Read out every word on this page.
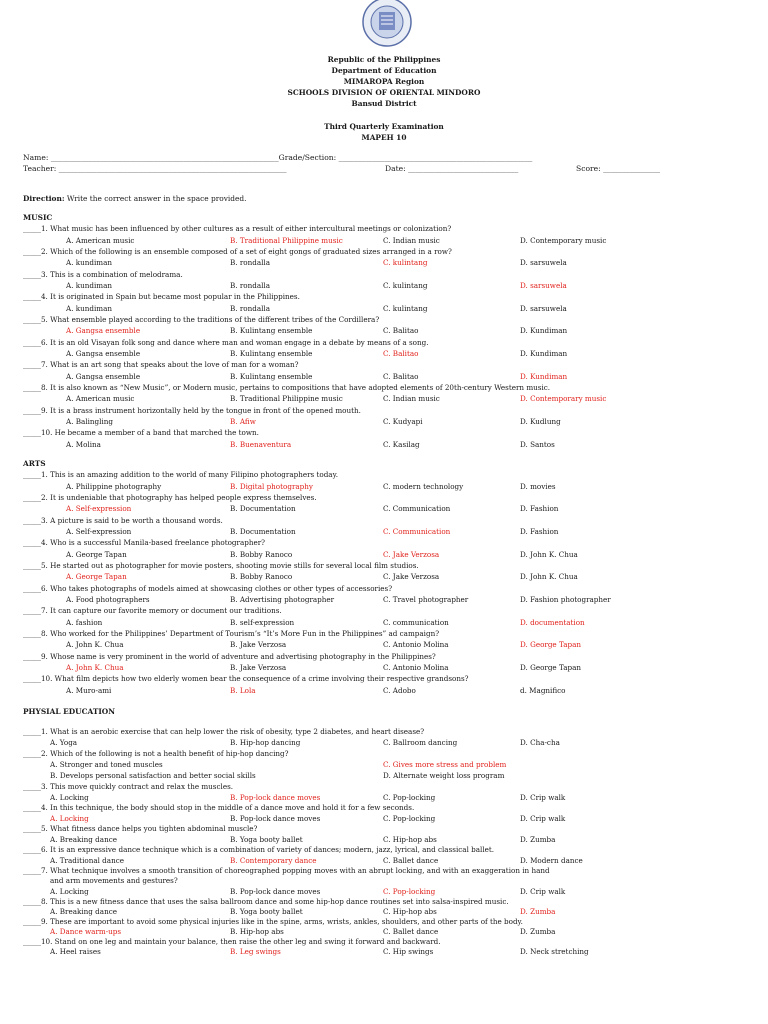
Republic of the Philippines
Department of Education
MIMAROPA Region
SCHOOLS DIVISION OF ORIENTAL MINDORO
Bansud District
Third Quarterly Examination
MAPEH 10
Name: ____________________________________________________________Grade/Section: ___________________________________________________
Teacher: ____________________________________________________________	Date: _____________________________	Score: _______________
Direction: Write the correct answer in the space provided.
MUSIC
_____1. What music has been influenced by other cultures as a result of either intercultural meetings or colonization?
A. American music	B. Traditional Philippine music	C. Indian music	D. Contemporary music
_____2. Which of the following is an ensemble composed of a set of eight gongs of graduated sizes arranged in a row?
A. kundiman	B. rondalla	C. kulintang	D. sarsuwela
_____3. This is a combination of melodrama.
A. kundiman	B. rondalla	C. kulintang	D. sarsuwela
_____4. It is originated in Spain but became most popular in the Philippines.
A. kundiman	B. rondalla	C. kulintang	D. sarsuwela
_____5. What ensemble played according to the traditions of the different tribes of the Cordillera?
A. Gangsa ensemble	B. Kulintang ensemble	C. Balitao	D. Kundiman
_____6. It is an old Visayan folk song and dance where man and woman engage in a debate by means of a song.
A. Gangsa ensemble	B. Kulintang ensemble	C. Balitao	D. Kundiman
_____7. What is an art song that speaks about the love of man for a woman?
A. Gangsa ensemble	B. Kulintang ensemble	C. Balitao	D. Kundiman
_____8. It is also known as “New Music”, or Modern music, pertains to compositions that have adopted elements of 20th-century Western music.
A. American music	B. Traditional Philippine music	C. Indian music	D. Contemporary music
_____9. It is a brass instrument horizontally held by the tongue in front of the opened mouth.
A. Balingling	B. Afiw	C. Kudyapi	D. Kudlung
_____10. He became a member of a band that marched the town.
A. Molina	B. Buenaventura	C. Kasilag	D. Santos
ARTS
_____1. This is an amazing addition to the world of many Filipino photographers today.
A. Philippine photography	B. Digital photography	C. modern technology	D. movies
_____2. It is undeniable that photography has helped people express themselves.
A. Self-expression	B. Documentation	C. Communication	D. Fashion
_____3. A picture is said to be worth a thousand words.
A. Self-expression	B. Documentation	C. Communication	D. Fashion
_____4. Who is a successful Manila-based freelance photographer?
A. George Tapan	B. Bobby Ranoco	C. Jake Verzosa	D. John K. Chua
_____5. He started out as photographer for movie posters, shooting movie stills for several local film studios.
A. George Tapan	B. Bobby Ranoco	C. Jake Verzosa	D. John K. Chua
_____6. Who takes photographs of models aimed at showcasing clothes or other types of accessories?
A. Food photographers	B. Advertising photographer	C. Travel photographer	D. Fashion photographer
_____7. It can capture our favorite memory or document our traditions.
A. fashion	B. self-expression	C. communication	D. documentation
_____8. Who worked for the Philippines’ Department of Tourism’s “It’s More Fun in the Philippines” ad campaign?
A. John K. Chua	B. Jake Verzosa	C. Antonio Molina	D. George Tapan
_____9. Whose name is very prominent in the world of adventure and advertising photography in the Philippines?
A. John K. Chua	B. Jake Verzosa	C. Antonio Molina	D. George Tapan
_____10. What film depicts how two elderly women bear the consequence of a crime involving their respective grandsons?
A. Muro-ami	B. Lola	C. Adobo	d. Magnifico
PHYSIAL EDUCATION
_____1. What is an aerobic exercise that can help lower the risk of obesity, type 2 diabetes, and heart disease?
A. Yoga	B. Hip-hop dancing	C. Ballroom dancing	D. Cha-cha
_____2. Which of the following is not a health benefit of hip-hop dancing?
A. Stronger and toned muscles	C. Gives more stress and problem
B. Develops personal satisfaction and better social skills	D. Alternate weight loss program
_____3. This move quickly contract and relax the muscles.
A. Locking	B. Pop-lock dance moves	C. Pop-locking	D. Crip walk
_____4. In this technique, the body should stop in the middle of a dance move and hold it for a few seconds.
A. Locking	B. Pop-lock dance moves	C. Pop-locking	D. Crip walk
_____5. What fitness dance helps you tighten abdominal muscle?
A. Breaking dance	B. Yoga booty ballet	C. Hip-hop abs	D. Zumba
_____6. It is an expressive dance technique which is a combination of variety of dances; modern, jazz, lyrical, and classical ballet.
A. Traditional dance	B. Contemporary dance	C. Ballet dance	D. Modern dance
_____7. What technique involves a smooth transition of choreographed popping moves with an abrupt locking, and with an exaggeration in hand
and arm movements and gestures?
A. Locking	B. Pop-lock dance moves	C. Pop-locking	D. Crip walk
_____8. This is a new fitness dance that uses the salsa ballroom dance and some hip-hop dance routines set into salsa-inspired music.
A. Breaking dance	B. Yoga booty ballet	C. Hip-hop abs	D. Zumba
_____9. These are important to avoid some physical injuries like in the spine, arms, wrists, ankles, shoulders, and other parts of the body.
A. Dance warm-ups	B. Hip-hop abs	C. Ballet dance	D. Zumba
_____10. Stand on one leg and maintain your balance, then raise the other leg and swing it forward and backward.
A. Heel raises	B. Leg swings	C. Hip swings	D. Neck stretching
